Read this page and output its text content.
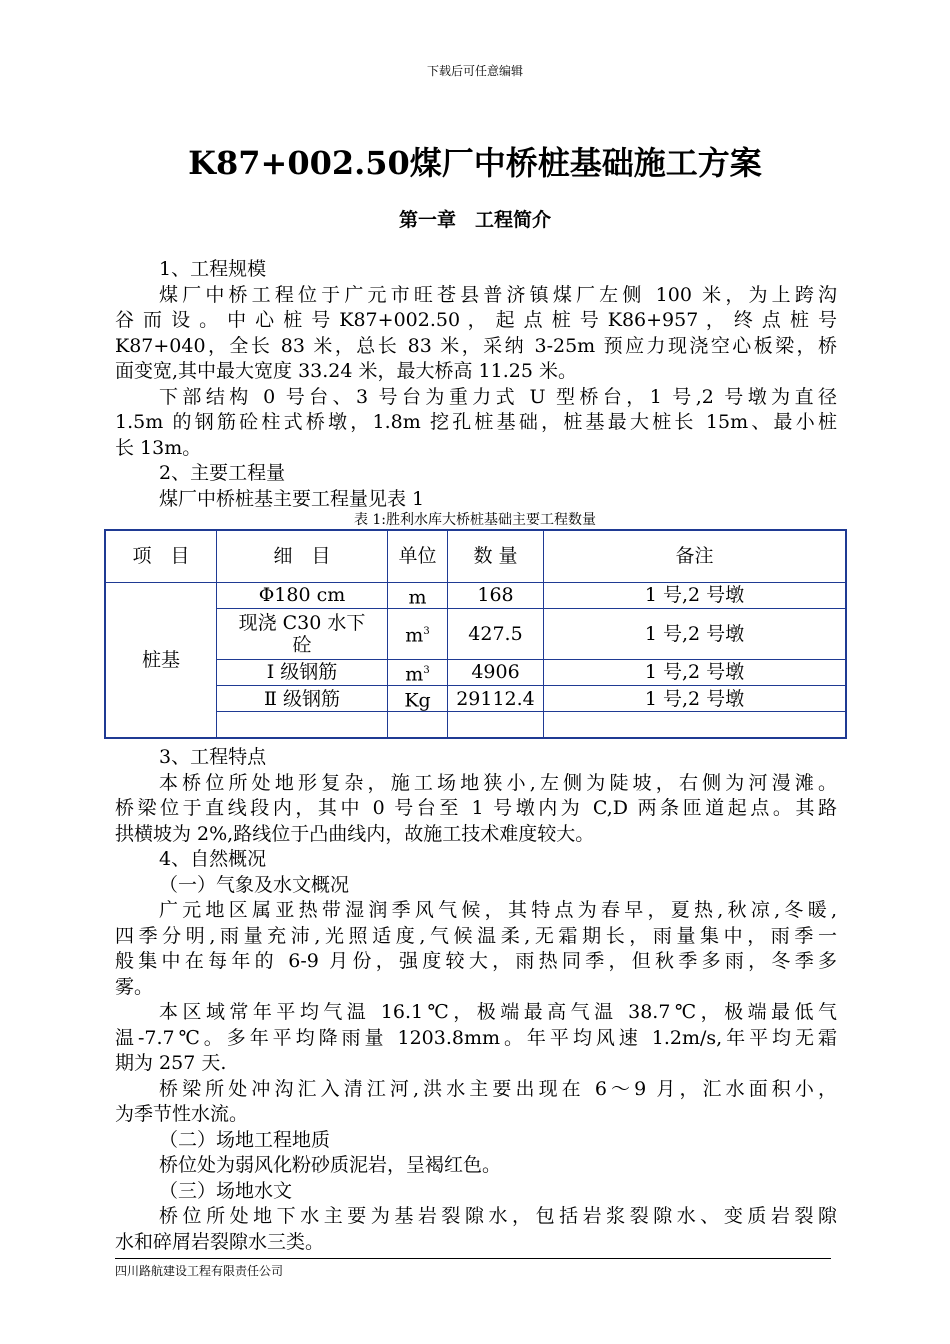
下载后可任意编辑
K87+002.50煤厂中桥桩基础施工方案
第一章　工程简介

1、工程规模

煤厂中桥工程位于广元市旺苍县普济镇煤厂左侧 100 米，为上跨沟

谷 而 设 。 中 心 桩 号 K87+002.50 ， 起 点 桩 号 K86+957 ， 终 点 桩 号

K87+040，全长 83 米，总长 83 米，采纳 3-25m 预应力现浇空心板梁，桥

面变宽,其中最大宽度 33.24 米，最大桥高 11.25 米。

下部结构 0 号台、3 号台为重力式 U 型桥台，1 号,2 号墩为直径

1.5m 的钢筋砼柱式桥墩，1.8m 挖孔桩基础，桩基最大桩长 15m、最小桩

长 13m。

2、主要工程量

煤厂中桥桩基主要工程量见表 1

表 1:胜利水库大桥桩基础主要工程数量
项　目	细　目	单位	数 量	备注
桩基	Φ180 cm	m	168	1 号,2 号墩
	现浇 C30 水下砼	$m^3$	427.5	1 号,2 号墩
	Ⅰ 级钢筋	$m^3$	4906	1 号,2 号墩
	Ⅱ 级钢筋	Kg	29112.4	1 号,2 号墩

3、工程特点

本桥位所处地形复杂，施工场地狭小,左侧为陡坡，右侧为河漫滩。

桥梁位于直线段内，其中 0 号台至 1 号墩内为 C,D 两条匝道起点。其路

拱横坡为 2%,路线位于凸曲线内，故施工技术难度较大。

4、自然概况

（一）气象及水文概况

广元地区属亚热带湿润季风气候，其特点为春早，夏热,秋凉,冬暖,

四季分明,雨量充沛,光照适度,气候温柔,无霜期长，雨量集中，雨季一

般集中在每年的 6-9 月份，强度较大，雨热同季，但秋季多雨，冬季多

雾。

本区域常年平均气温 16.1℃，极端最高气温 38.7℃，极端最低气

温-7.7℃。多年平均降雨量 1203.8mm。年平均风速 1.2m/s,年平均无霜

期为 257 天.

桥梁所处冲沟汇入清江河,洪水主要出现在 6～9 月，汇水面积小，

为季节性水流。

（二）场地工程地质

桥位处为弱风化粉砂质泥岩，呈褐红色。

（三）场地水文

桥位所处地下水主要为基岩裂隙水，包括岩浆裂隙水、变质岩裂隙

水和碎屑岩裂隙水三类。

四川路航建设工程有限责任公司
